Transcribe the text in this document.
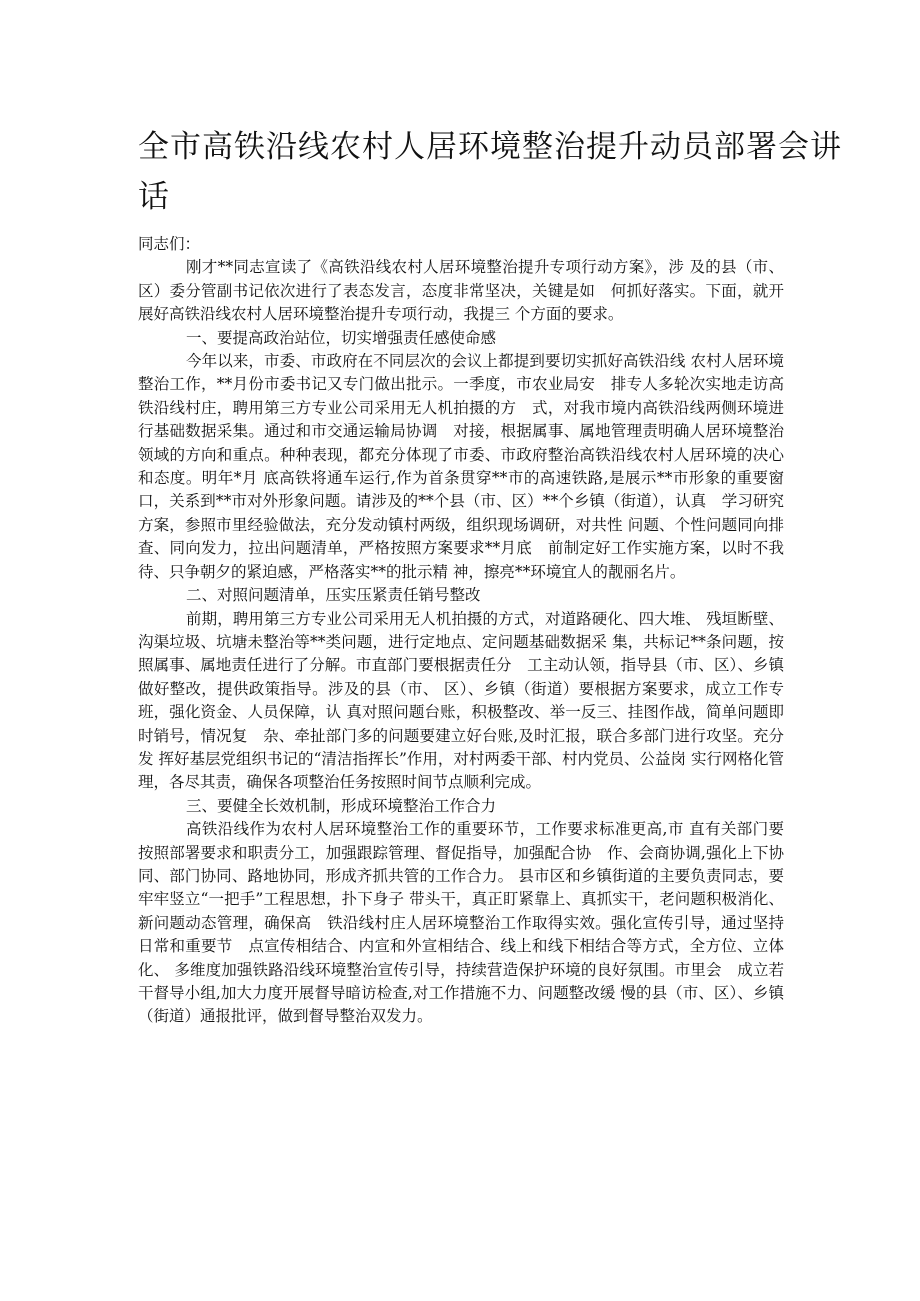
全市高铁沿线农村人居环境整治提升动员部署会讲
话

同志们：

刚才**同志宣读了《高铁沿线农村人居环境整治提升专项行动方案》，涉 及的县（市、区）委分管副书记依次进行了表态发言，态度非常坚决，关键是如　何抓好落实。下面，就开展好高铁沿线农村人居环境整治提升专项行动，我提三 个方面的要求。

一、要提高政治站位，切实增强责任感使命感

今年以来，市委、市政府在不同层次的会议上都提到要切实抓好高铁沿线 农村人居环境整治工作，**月份市委书记又专门做出批示。一季度，市农业局安　排专人多轮次实地走访高铁沿线村庄，聘用第三方专业公司采用无人机拍摄的方　式，对我市境内高铁沿线两侧环境进行基础数据采集。通过和市交通运输局协调　对接，根据属事、属地管理责明确人居环境整治领域的方向和重点。种种表现，都充分体现了市委、市政府整治高铁沿线农村人居环境的决心和态度。明年*月 底高铁将通车运行,作为首条贯穿**市的高速铁路,是展示**市形象的重要窗口，关系到**市对外形象问题。请涉及的**个县（市、区）**个乡镇（街道），认真　学习研究方案，参照市里经验做法，充分发动镇村两级，组织现场调研，对共性 问题、个性问题同向排查、同向发力，拉出问题清单，严格按照方案要求**月底　前制定好工作实施方案，以时不我待、只争朝夕的紧迫感，严格落实**的批示精 神，擦亮**环境宜人的靓丽名片。

二、对照问题清单，压实压紧责任销号整改

前期，聘用第三方专业公司采用无人机拍摄的方式，对道路硬化、四大堆、 残垣断壁、沟渠垃圾、坑塘未整治等**类问题，进行定地点、定问题基础数据采 集，共标记**条问题，按照属事、属地责任进行了分解。市直部门要根据责任分　工主动认领，指导县（市、区）、乡镇做好整改，提供政策指导。涉及的县（市、 区）、乡镇（街道）要根据方案要求，成立工作专班，强化资金、人员保障，认 真对照问题台账，积极整改、举一反三、挂图作战，简单问题即时销号，情况复　杂、牵扯部门多的问题要建立好台账,及时汇报，联合多部门进行攻坚。充分发 挥好基层党组织书记的“清洁指挥长”作用，对村两委干部、村内党员、公益岗 实行网格化管理，各尽其责，确保各项整治任务按照时间节点顺利完成。

三、要健全长效机制，形成环境整治工作合力

高铁沿线作为农村人居环境整治工作的重要环节，工作要求标准更高,市 直有关部门要按照部署要求和职责分工，加强跟踪管理、督促指导，加强配合协　作、会商协调,强化上下协同、部门协同、路地协同，形成齐抓共管的工作合力。 县市区和乡镇街道的主要负责同志，要牢牢竖立“一把手”工程思想，扑下身子 带头干，真正盯紧靠上、真抓实干，老问题积极消化、新问题动态管理，确保高　铁沿线村庄人居环境整治工作取得实效。强化宣传引导，通过坚持日常和重要节　点宣传相结合、内宣和外宣相结合、线上和线下相结合等方式，全方位、立体化、 多维度加强铁路沿线环境整治宣传引导，持续营造保护环境的良好氛围。市里会　成立若干督导小组,加大力度开展督导暗访检查,对工作措施不力、问题整改缓 慢的县（市、区）、乡镇（街道）通报批评，做到督导整治双发力。
